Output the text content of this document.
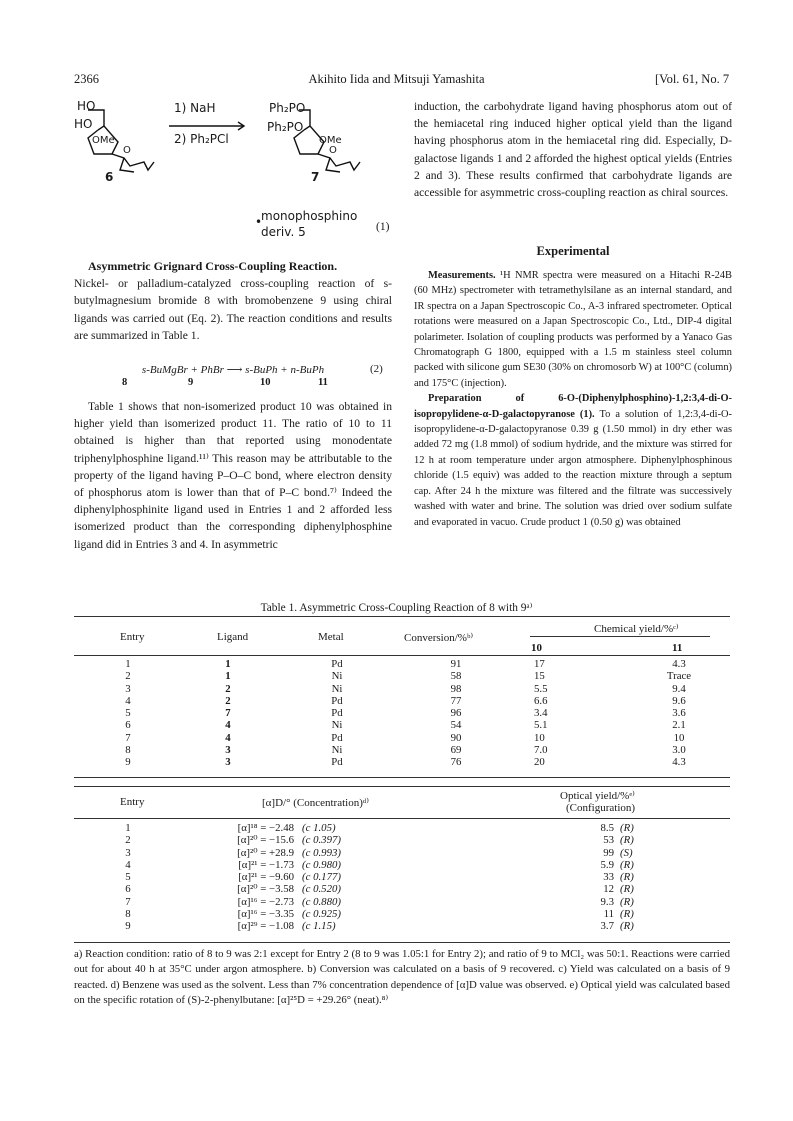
2366	Akihito Iida and Mitsuji Yamashita	[Vol. 61, No. 7
HO
HO
OMe
O
1) NaH
2) Ph₂PCl
Ph₂PO
Ph₂PO
OMe
O
6	7
•
monophosphino
deriv. 5	(1)

Asymmetric Grignard Cross-Coupling Reaction.

Nickel- or palladium-catalyzed cross-coupling reaction of s-butylmagnesium bromide 8 with bromobenzene 9 using chiral ligands was carried out (Eq. 2). The reaction conditions and results are summarized in Table 1.

s-BuMgBr + PhBr ⟶ s-BuPh + n-BuPh	(2)
8	9	10	11

Table 1 shows that non-isomerized product 10 was obtained in higher yield than isomerized product 11. The ratio of 10 to 11 obtained is higher than that reported using monodentate triphenylphosphine ligand.¹¹⁾ This reason may be attributable to the property of the ligand having P–O–C bond, where electron density of phosphorus atom is lower than that of P–C bond.⁷⁾ Indeed the diphenylphosphinite ligand used in Entries 1 and 2 afforded less isomerized product than the corresponding diphenylphosphine ligand did in Entries 3 and 4. In asymmetric

induction, the carbohydrate ligand having phosphorus atom out of the hemiacetal ring induced higher optical yield than the ligand having phosphorus atom in the hemiacetal ring did. Especially, D-galactose ligands 1 and 2 afforded the highest optical yields (Entries 2 and 3). These results confirmed that carbohydrate ligands are accessible for asymmetric cross-coupling reaction as chiral sources.

Experimental

Measurements. ¹H NMR spectra were measured on a Hitachi R-24B (60 MHz) spectrometer with tetramethylsilane as an internal standard, and IR spectra on a Japan Spectroscopic Co., A-3 infrared spectrometer. Optical rotations were measured on a Japan Spectroscopic Co., Ltd., DIP-4 digital polarimeter. Isolation of coupling products was performed by a Yanaco Gas Chromatograph G 1800, equipped with a 1.5 m stainless steel column packed with silicone gum SE30 (30% on chromosorb W) at 100°C (column) and 175°C (injection).

Preparation of 6-O-(Diphenylphosphino)-1,2:3,4-di-O-isopropylidene-α-D-galactopyranose (1). To a solution of 1,2:3,4-di-O-isopropylidene-α-D-galactopyranose 0.39 g (1.50 mmol) in dry ether was added 72 mg (1.8 mmol) of sodium hydride, and the mixture was stirred for 12 h at room temperature under argon atmosphere. Diphenylphosphinous chloride (1.5 equiv) was added to the reaction mixture through a septum cap. After 24 h the mixture was filtered and the filtrate was successively washed with water and brine. The solution was dried over sodium sulfate and evaporated in vacuo. Crude product 1 (0.50 g) was obtained

Table 1. Asymmetric Cross-Coupling Reaction of 8 with 9ᵃ⁾
Entry	Ligand	Metal	Conversion/%ᵇ⁾
Chemical yield/%ᶜ⁾
10	11
1	1	Pd	91	17	4.3
2	1	Ni	58	15	Trace
3	2	Ni	98	5.5	9.4
4	2	Pd	77	6.6	9.6
5	7	Pd	96	3.4	3.6
6	4	Ni	54	5.1	2.1
7	4	Pd	90	10	10
8	3	Ni	69	7.0	3.0
9	3	Pd	76	20	4.3
Entry	[α]D/° (Concentration)ᵈ⁾
Optical yield/%ᵉ⁾
(Configuration)
1	[α]¹⁸ = −2.48	(c 1.05)	8.5	(R)
2	[α]²⁰ = −15.6	(c 0.397)	53	(R)
3	[α]²⁰ = +28.9	(c 0.993)	99	(S)
4	[α]²¹ = −1.73	(c 0.980)	5.9	(R)
5	[α]²¹ = −9.60	(c 0.177)	33	(R)
6	[α]²⁰ = −3.58	(c 0.520)	12	(R)
7	[α]¹⁶ = −2.73	(c 0.880)	9.3	(R)
8	[α]¹⁶ = −3.35	(c 0.925)	11	(R)
9	[α]²⁹ = −1.08	(c 1.15)	3.7	(R)
a) Reaction condition: ratio of 8 to 9 was 2:1 except for Entry 2 (8 to 9 was 1.05:1 for Entry 2); and ratio of 9 to MCl₂ was 50:1. Reactions were carried out for about 40 h at 35°C under argon atmosphere. b) Conversion was calculated on a basis of 9 recovered. c) Yield was calculated on a basis of 9 reacted. d) Benzene was used as the solvent. Less than 7% concentration dependence of [α]D value was observed. e) Optical yield was calculated based on the specific rotation of (S)-2-phenylbutane: [α]²⁵D = +29.26° (neat).⁸⁾
